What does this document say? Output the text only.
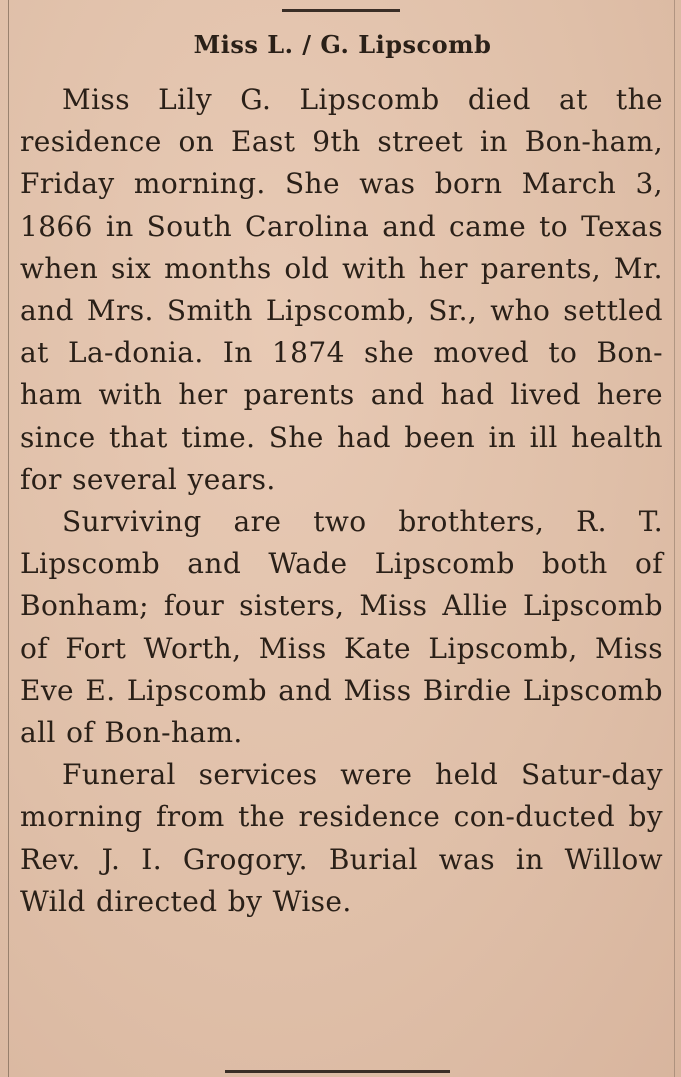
Miss L. / G. Lipscomb

Miss Lily G. Lipscomb died at the residence on East 9th street in Bon-ham, Friday morning. She was born March 3, 1866 in South Carolina and came to Texas when six months old with her parents, Mr. and Mrs. Smith Lipscomb, Sr., who settled at La-donia. In 1874 she moved to Bon-ham with her parents and had lived here since that time. She had been in ill health for several years.

Surviving are two brothters, R. T. Lipscomb and Wade Lipscomb both of Bonham; four sisters, Miss Allie Lipscomb of Fort Worth, Miss Kate Lipscomb, Miss Eve E. Lipscomb and Miss Birdie Lipscomb all of Bon-ham.

Funeral services were held Satur-day morning from the residence con-ducted by Rev. J. I. Grogory. Burial was in Willow Wild directed by Wise.
